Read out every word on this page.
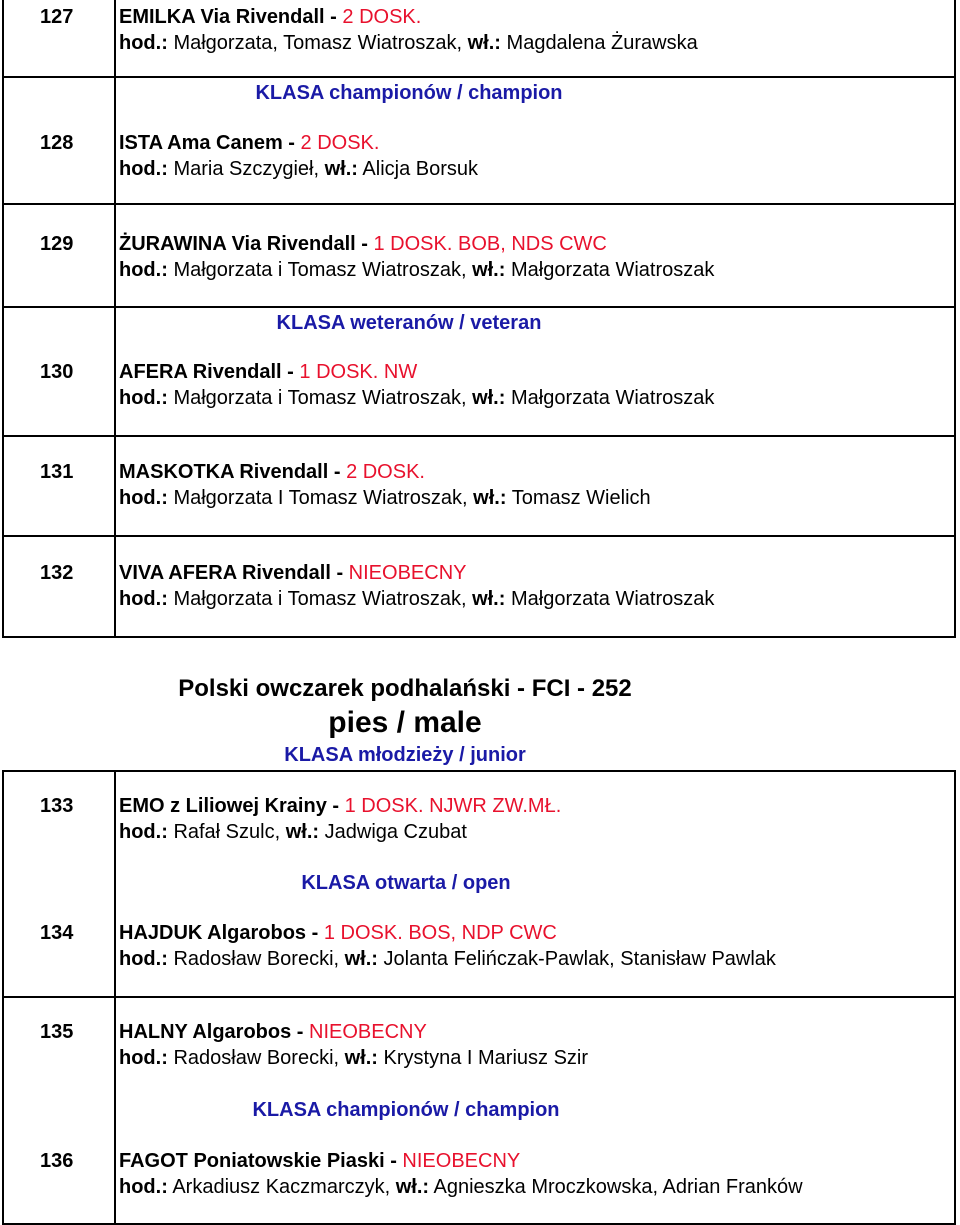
127	EMILKA Via Rivendall - 2 DOSK.
hod.: Małgorzata, Tomasz Wiatroszak, wł.: Magdalena Żurawska
KLASA championów / champion
128	ISTA Ama Canem - 2 DOSK.
hod.: Maria Szczygieł, wł.: Alicja Borsuk
129	ŻURAWINA Via Rivendall - 1 DOSK. BOB, NDS CWC
hod.: Małgorzata i Tomasz Wiatroszak, wł.: Małgorzata Wiatroszak
KLASA weteranów / veteran
130	AFERA Rivendall - 1 DOSK. NW
hod.: Małgorzata i Tomasz Wiatroszak, wł.: Małgorzata Wiatroszak
131	MASKOTKA Rivendall - 2 DOSK.
hod.: Małgorzata I Tomasz Wiatroszak, wł.: Tomasz Wielich
132	VIVA AFERA Rivendall - NIEOBECNY
hod.: Małgorzata i Tomasz Wiatroszak, wł.: Małgorzata Wiatroszak
Polski owczarek podhalański - FCI - 252
pies / male
KLASA młodzieży / junior
133	EMO z Liliowej Krainy - 1 DOSK. NJWR ZW.MŁ.
hod.: Rafał Szulc, wł.: Jadwiga Czubat
KLASA otwarta / open
134	HAJDUK Algarobos - 1 DOSK. BOS, NDP CWC
hod.: Radosław Borecki, wł.: Jolanta Felińczak-Pawlak, Stanisław Pawlak
135	HALNY Algarobos - NIEOBECNY
hod.: Radosław Borecki, wł.: Krystyna I Mariusz Szir
KLASA championów / champion
136	FAGOT Poniatowskie Piaski - NIEOBECNY
hod.: Arkadiusz Kaczmarczyk, wł.: Agnieszka Mroczkowska, Adrian Franków
